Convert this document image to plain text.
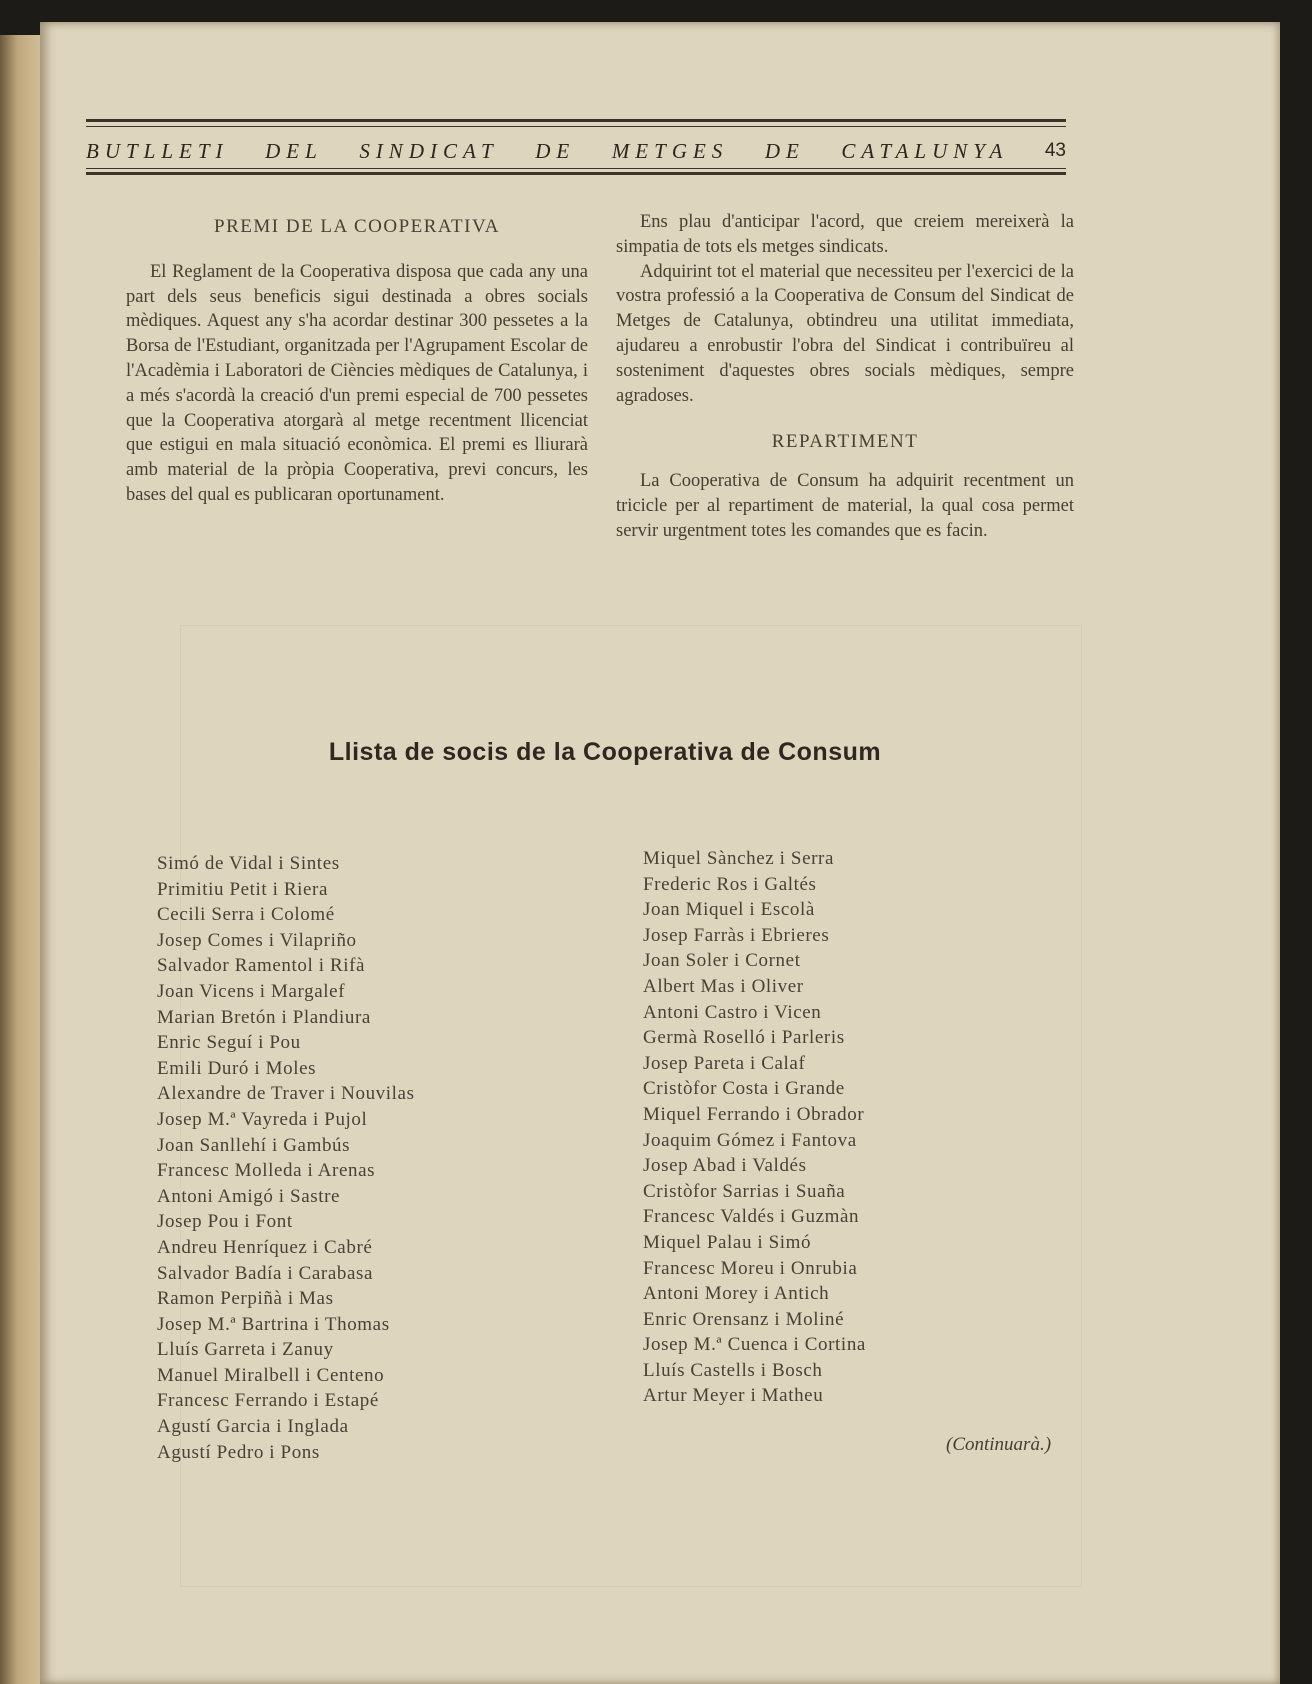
BUTLLETI DEL SINDICAT DE METGES DE CATALUNYA 43

PREMI DE LA COOPERATIVA

El Reglament de la Cooperativa disposa que cada any una part dels seus beneficis sigui destinada a obres socials mèdiques. Aquest any s'ha acordar destinar 300 pessetes a la Borsa de l'Estudiant, organitzada per l'Agrupament Escolar de l'Acadèmia i Laboratori de Ciències mèdiques de Catalunya, i a més s'acordà la creació d'un premi especial de 700 pessetes que la Cooperativa atorgarà al metge recentment llicenciat que estigui en mala situació econòmica. El premi es lliurarà amb material de la pròpia Cooperativa, previ concurs, les bases del qual es publicaran oportunament.

Ens plau d'anticipar l'acord, que creiem mereixerà la simpatia de tots els metges sindicats.

Adquirint tot el material que necessiteu per l'exercici de la vostra professió a la Cooperativa de Consum del Sindicat de Metges de Catalunya, obtindreu una utilitat immediata, ajudareu a enrobustir l'obra del Sindicat i contribuïreu al sosteniment d'aquestes obres socials mèdiques, sempre agradoses.

REPARTIMENT

La Cooperativa de Consum ha adquirit recentment un tricicle per al repartiment de material, la qual cosa permet servir urgentment totes les comandes que es facin.

Llista de socis de la Cooperativa de Consum
Simó de Vidal i Sintes
Primitiu Petit i Riera
Cecili Serra i Colomé
Josep Comes i Vilapriño
Salvador Ramentol i Rifà
Joan Vicens i Margalef
Marian Bretón i Plandiura
Enric Seguí i Pou
Emili Duró i Moles
Alexandre de Traver i Nouvilas
Josep M.ª Vayreda i Pujol
Joan Sanllehí i Gambús
Francesc Molleda i Arenas
Antoni Amigó i Sastre
Josep Pou i Font
Andreu Henríquez i Cabré
Salvador Badía i Carabasa
Ramon Perpiñà i Mas
Josep M.ª Bartrina i Thomas
Lluís Garreta i Zanuy
Manuel Miralbell i Centeno
Francesc Ferrando i Estapé
Agustí Garcia i Inglada
Agustí Pedro i Pons
Miquel Sànchez i Serra
Frederic Ros i Galtés
Joan Miquel i Escolà
Josep Farràs i Ebrieres
Joan Soler i Cornet
Albert Mas i Oliver
Antoni Castro i Vicen
Germà Roselló i Parleris
Josep Pareta i Calaf
Cristòfor Costa i Grande
Miquel Ferrando i Obrador
Joaquim Gómez i Fantova
Josep Abad i Valdés
Cristòfor Sarrias i Suaña
Francesc Valdés i Guzmàn
Miquel Palau i Simó
Francesc Moreu i Onrubia
Antoni Morey i Antich
Enric Orensanz i Moliné
Josep M.ª Cuenca i Cortina
Lluís Castells i Bosch
Artur Meyer i Matheu
(Continuarà.)
